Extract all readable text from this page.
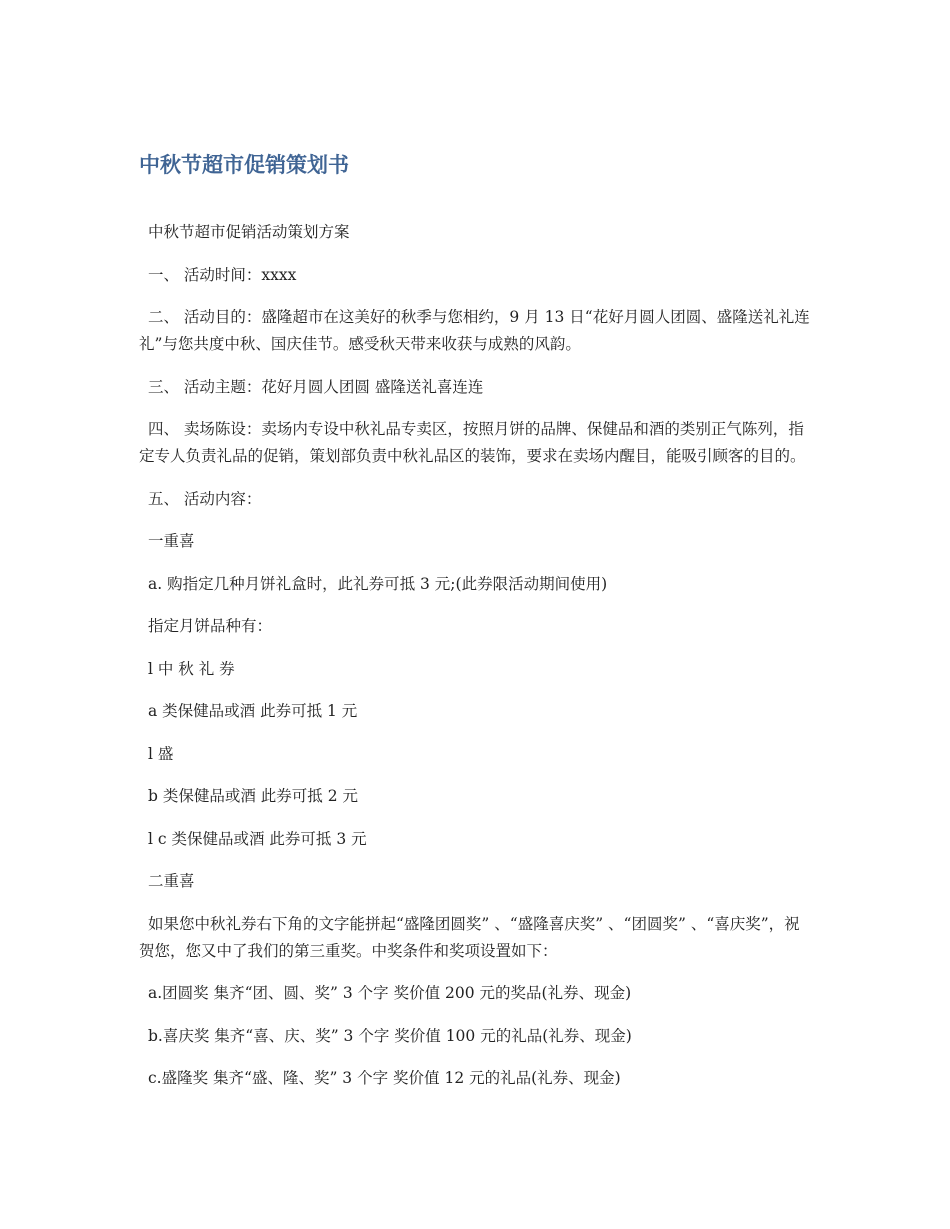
中秋节超市促销策划书

中秋节超市促销活动策划方案

一、 活动时间：xxxx

二、 活动目的：盛隆超市在这美好的秋季与您相约，9 月 13 日“花好月圆人团圆、盛隆送礼礼连礼”与您共度中秋、国庆佳节。感受秋天带来收获与成熟的风韵。

三、 活动主题：花好月圆人团圆 盛隆送礼喜连连

四、 卖场陈设：卖场内专设中秋礼品专卖区，按照月饼的品牌、保健品和酒的类别正气陈列，指定专人负责礼品的促销，策划部负责中秋礼品区的装饰，要求在卖场内醒目，能吸引顾客的目的。

五、 活动内容：

一重喜

a. 购指定几种月饼礼盒时，此礼券可抵 3 元;(此券限活动期间使用)

指定月饼品种有：

l 中 秋 礼 券

a 类保健品或酒 此券可抵 1 元

l 盛

b 类保健品或酒 此券可抵 2 元

l c 类保健品或酒 此券可抵 3 元

二重喜

如果您中秋礼券右下角的文字能拼起“盛隆团圆奖” 、“盛隆喜庆奖” 、“团圆奖” 、“喜庆奖”，祝贺您，您又中了我们的第三重奖。中奖条件和奖项设置如下：

a.团圆奖 集齐“团、圆、奖” 3 个字 奖价值 200 元的奖品(礼券、现金)

b.喜庆奖 集齐“喜、庆、奖” 3 个字 奖价值 100 元的礼品(礼券、现金)

c.盛隆奖 集齐“盛、隆、奖” 3 个字 奖价值 12 元的礼品(礼券、现金)
